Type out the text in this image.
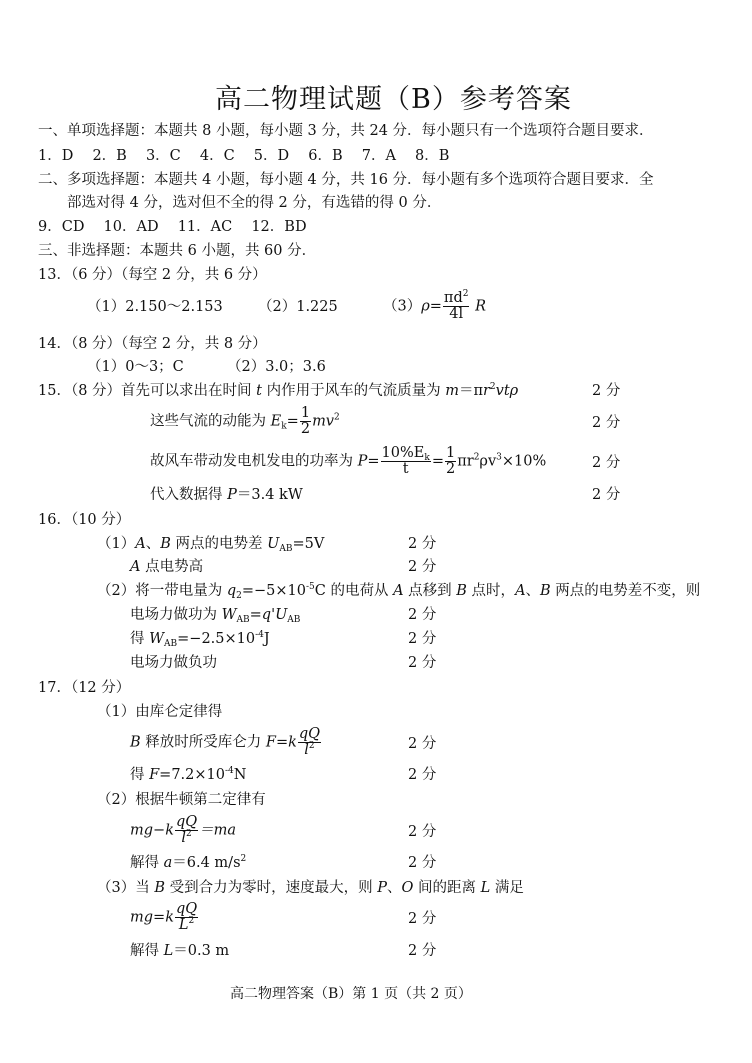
高二物理试题（B）参考答案
一、单项选择题：本题共 8 小题，每小题 3 分，共 24 分．每小题只有一个选项符合题目要求．
1．D　 2．B　 3．C　 4．C　 5．D　 6．B　 7．A　 8．B
二、多项选择题：本题共 4 小题，每小题 4 分，共 16 分．每小题有多个选项符合题目要求．全
部选对得 4 分，选对但不全的得 2 分，有选错的得 0 分．
9．CD　 10．AD　 11．AC　 12．BD
三、非选择题：本题共 6 小题，共 60 分．
13．（6 分）（每空 2 分，共 6 分）
（1）2.150～2.153 （2）1.225	$(3)\rho= \frac{\pi d^2}{4l}$ R
14．（8 分）（每空 2 分，共 8 分）
（1）0～3；C	（2）3.0；3.6
15．（8 分）首先可以求出在时间 t 内作用于风车的气流质量为 $m=\pi r^2vt\rho$	2 分
这些气流的动能为 $E_k= \frac{1}{2} mv^2$	2 分
故风车带动发电机发电的功率为 $P= \frac{10\%E_k}{t} = \frac{1}{2} \pi r^2\rho v^3\times 10\%$	2 分
代入数据得 P＝3.4 kW	2 分
16．（10 分）
（1）A、B 两点的电势差 $U_{AB}=5V$	2 分
A 点电势高	2 分
（2）将一带电量为 $q_2=-5\times 10^{-5}C$ 的电荷从 A 点移到 B 点时，A、B 两点的电势差不变，则
电场力做功为 $W_{AB}=q'U_{AB}$	2 分
得 $W_{AB}=-2.5\times 10^{-4}J$	2 分
电场力做负功	2 分
17．（12 分）
（1）由库仑定律得
B 释放时所受库仑力 $F=k \frac{qQ}{l^2}$	2 分
得 $F=7.2\times 10^{-4}N$	2 分
（2）根据牛顿第二定律有
$mg-k \frac{qQ}{l^2} =ma$	2 分
解得 a＝6.4 $m/s^2$	2 分
（3）当 B 受到合力为零时，速度最大，则 P、O 间的距离 L 满足
$mg=k \frac{qQ}{L^2}$	2 分
解得 L＝0.3 m	2 分
高二物理答案（B）第 1 页（共 2 页）
